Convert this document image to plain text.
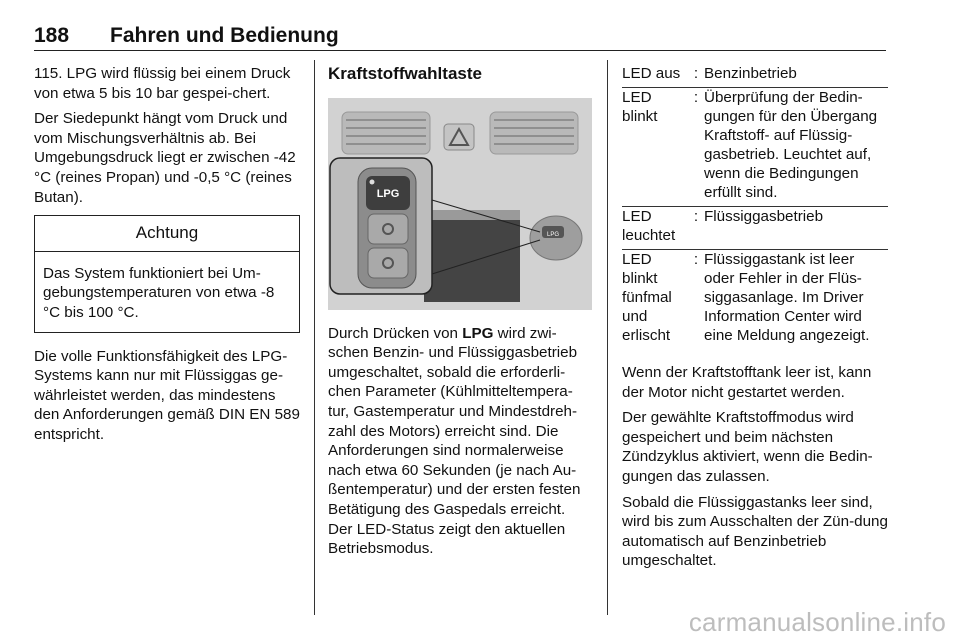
188 Fahren und Bedienung

115. LPG wird flüssig bei einem Druck von etwa 5 bis 10 bar gespei-chert.

Der Siedepunkt hängt vom Druck und vom Mischungsverhältnis ab. Bei Umgebungsdruck liegt er zwischen -42 °C (reines Propan) und -0,5 °C (reines Butan).

Achtung
Das System funktioniert bei Um-gebungstemperaturen von etwa -8 °C bis 100 °C.

Die volle Funktionsfähigkeit des LPG-Systems kann nur mit Flüssiggas ge-währleistet werden, das mindestens den Anforderungen gemäß DIN EN 589 entspricht.

Kraftstoffwahltaste
LPG
LPG

Durch Drücken von LPG wird zwi-schen Benzin- und Flüssiggasbetrieb umgeschaltet, sobald die erforderli-chen Parameter (Kühlmitteltempera-tur, Gastemperatur und Mindestdreh-zahl des Motors) erreicht sind. Die Anforderungen sind normalerweise nach etwa 60 Sekunden (je nach Au-ßentemperatur) und der ersten festen Betätigung des Gaspedals erreicht. Der LED-Status zeigt den aktuellen Betriebsmodus.

LED aus	:	Benzinbetrieb
LED blinkt	:	Überprüfung der Bedin-gungen für den Übergang Kraftstoff- auf Flüssig-gasbetrieb. Leuchtet auf, wenn die Bedingungen erfüllt sind.
LED leuchtet	:	Flüssiggasbetrieb
LED blinkt fünfmal und erlischt	:	Flüssiggastank ist leer oder Fehler in der Flüs-siggasanlage. Im Driver Information Center wird eine Meldung angezeigt.

Wenn der Kraftstofftank leer ist, kann der Motor nicht gestartet werden.

Der gewählte Kraftstoffmodus wird gespeichert und beim nächsten Zündzyklus aktiviert, wenn die Bedin-gungen das zulassen.

Sobald die Flüssiggastanks leer sind, wird bis zum Ausschalten der Zün-dung automatisch auf Benzinbetrieb umgeschaltet.

carmanualsonline.info
